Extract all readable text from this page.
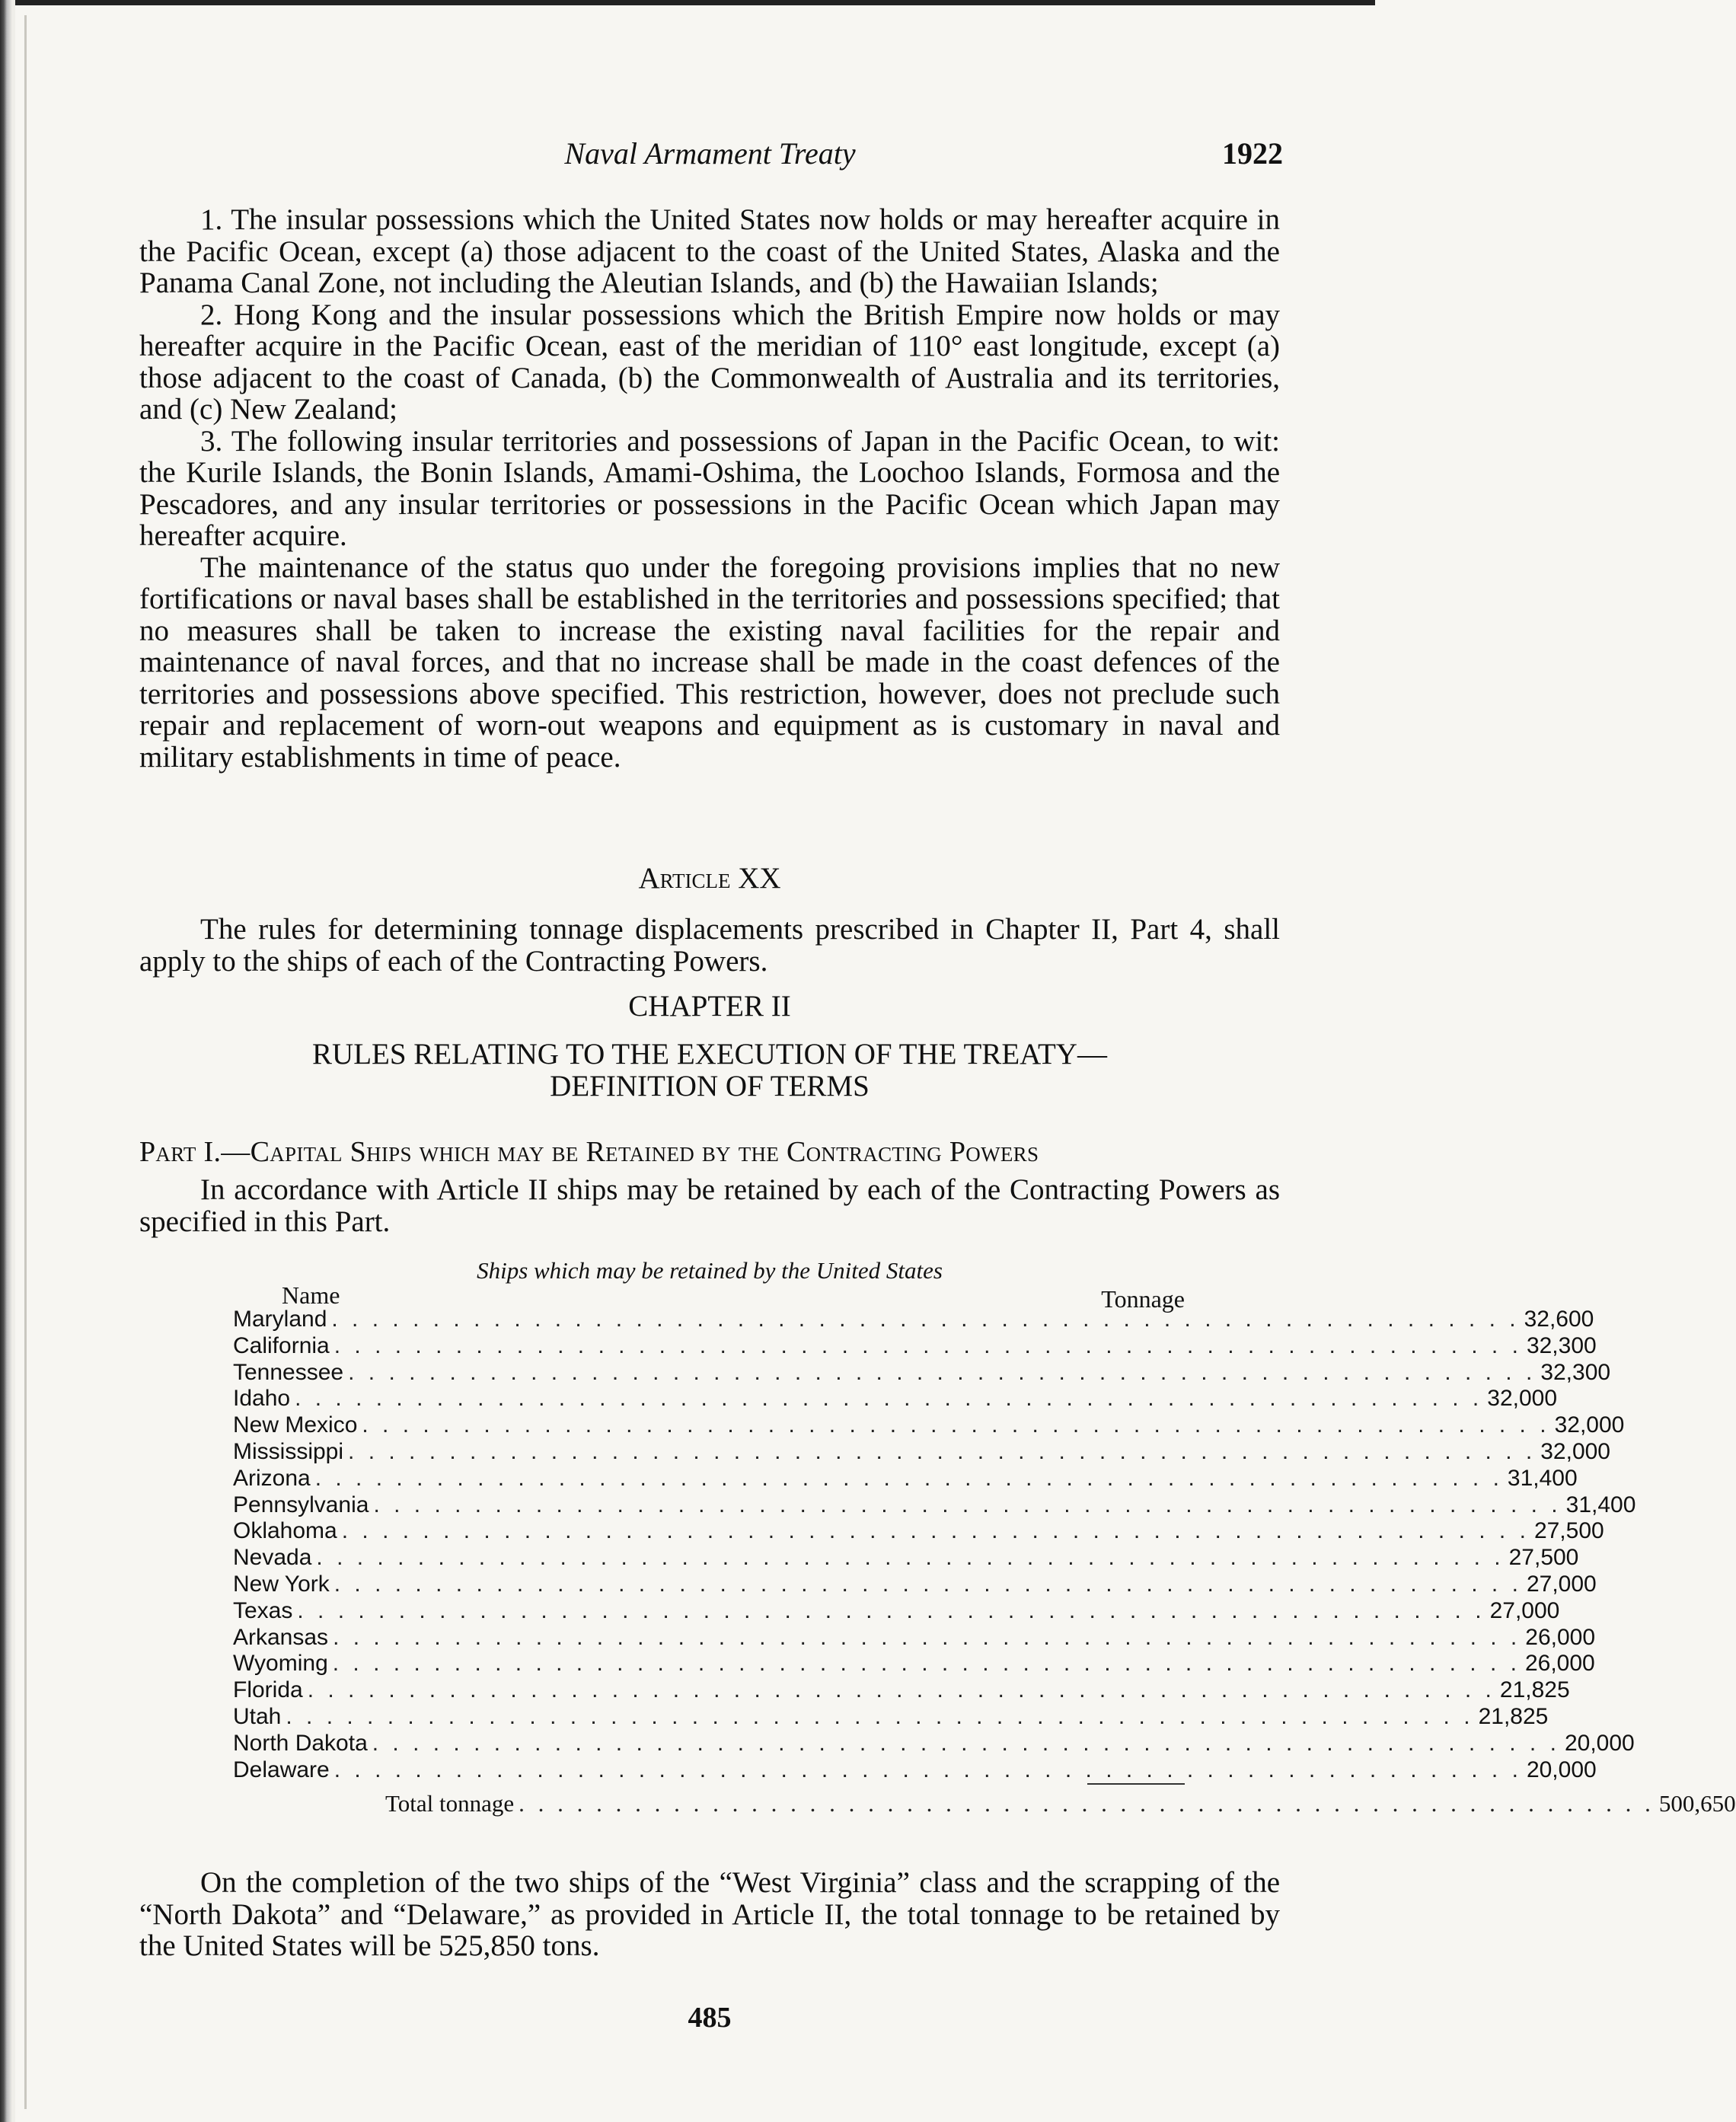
Naval Armament Treaty	1922

1. The insular possessions which the United States now holds or may hereafter acquire in the Pacific Ocean, except (a) those adjacent to the coast of the United States, Alaska and the Panama Canal Zone, not including the Aleutian Islands, and (b) the Hawaiian Islands;

2. Hong Kong and the insular possessions which the British Empire now holds or may hereafter acquire in the Pacific Ocean, east of the meridian of 110° east longitude, except (a) those adjacent to the coast of Canada, (b) the Commonwealth of Australia and its territories, and (c) New Zealand;

3. The following insular territories and possessions of Japan in the Pacific Ocean, to wit: the Kurile Islands, the Bonin Islands, Amami-Oshima, the Loochoo Islands, Formosa and the Pescadores, and any insular territories or possessions in the Pacific Ocean which Japan may hereafter acquire.

The maintenance of the status quo under the foregoing provisions implies that no new fortifications or naval bases shall be established in the territories and possessions specified; that no measures shall be taken to increase the existing naval facilities for the repair and maintenance of naval forces, and that no increase shall be made in the coast defences of the territories and possessions above specified. This restriction, however, does not preclude such repair and replacement of worn-out weapons and equipment as is customary in naval and military establishments in time of peace.

Article XX

The rules for determining tonnage displacements prescribed in Chapter II, Part 4, shall apply to the ships of each of the Contracting Powers.

CHAPTER II
RULES RELATING TO THE EXECUTION OF THE TREATY—
DEFINITION OF TERMS
Part I.—Capital Ships which may be Retained by the Contracting Powers

In accordance with Article II ships may be retained by each of the Contracting Powers as specified in this Part.

Ships which may be retained by the United States
Name	Tonnage
Maryland . . . . . . . . . . . . . . . . . . . . . . . . . . . . . . . . . . . . . . . . . . . . . . . . . . . . . . . . . . . 32,600
California . . . . . . . . . . . . . . . . . . . . . . . . . . . . . . . . . . . . . . . . . . . . . . . . . . . . . . . . . . . 32,300
Tennessee . . . . . . . . . . . . . . . . . . . . . . . . . . . . . . . . . . . . . . . . . . . . . . . . . . . . . . . . . . . 32,300
Idaho . . . . . . . . . . . . . . . . . . . . . . . . . . . . . . . . . . . . . . . . . . . . . . . . . . . . . . . . . . . 32,000
New Mexico . . . . . . . . . . . . . . . . . . . . . . . . . . . . . . . . . . . . . . . . . . . . . . . . . . . . . . . . . . . 32,000
Mississippi . . . . . . . . . . . . . . . . . . . . . . . . . . . . . . . . . . . . . . . . . . . . . . . . . . . . . . . . . . . 32,000
Arizona . . . . . . . . . . . . . . . . . . . . . . . . . . . . . . . . . . . . . . . . . . . . . . . . . . . . . . . . . . . 31,400
Pennsylvania . . . . . . . . . . . . . . . . . . . . . . . . . . . . . . . . . . . . . . . . . . . . . . . . . . . . . . . . . . . 31,400
Oklahoma . . . . . . . . . . . . . . . . . . . . . . . . . . . . . . . . . . . . . . . . . . . . . . . . . . . . . . . . . . . 27,500
Nevada . . . . . . . . . . . . . . . . . . . . . . . . . . . . . . . . . . . . . . . . . . . . . . . . . . . . . . . . . . . 27,500
New York . . . . . . . . . . . . . . . . . . . . . . . . . . . . . . . . . . . . . . . . . . . . . . . . . . . . . . . . . . . 27,000
Texas . . . . . . . . . . . . . . . . . . . . . . . . . . . . . . . . . . . . . . . . . . . . . . . . . . . . . . . . . . . 27,000
Arkansas . . . . . . . . . . . . . . . . . . . . . . . . . . . . . . . . . . . . . . . . . . . . . . . . . . . . . . . . . . . 26,000
Wyoming . . . . . . . . . . . . . . . . . . . . . . . . . . . . . . . . . . . . . . . . . . . . . . . . . . . . . . . . . . . 26,000
Florida . . . . . . . . . . . . . . . . . . . . . . . . . . . . . . . . . . . . . . . . . . . . . . . . . . . . . . . . . . . 21,825
Utah . . . . . . . . . . . . . . . . . . . . . . . . . . . . . . . . . . . . . . . . . . . . . . . . . . . . . . . . . . . 21,825
North Dakota . . . . . . . . . . . . . . . . . . . . . . . . . . . . . . . . . . . . . . . . . . . . . . . . . . . . . . . . . . . 20,000
Delaware . . . . . . . . . . . . . . . . . . . . . . . . . . . . . . . . . . . . . . . . . . . . . . . . . . . . . . . . . . . 20,000
Total tonnage . . . . . . . . . . . . . . . . . . . . . . . . . . . . . . . . . . . . . . . . . . . . . . . . . . . . . . . . . . . 500,650

On the completion of the two ships of the “West Virginia” class and the scrapping of the “North Dakota” and “Delaware,” as provided in Article II, the total tonnage to be retained by the United States will be 525,850 tons.

485
